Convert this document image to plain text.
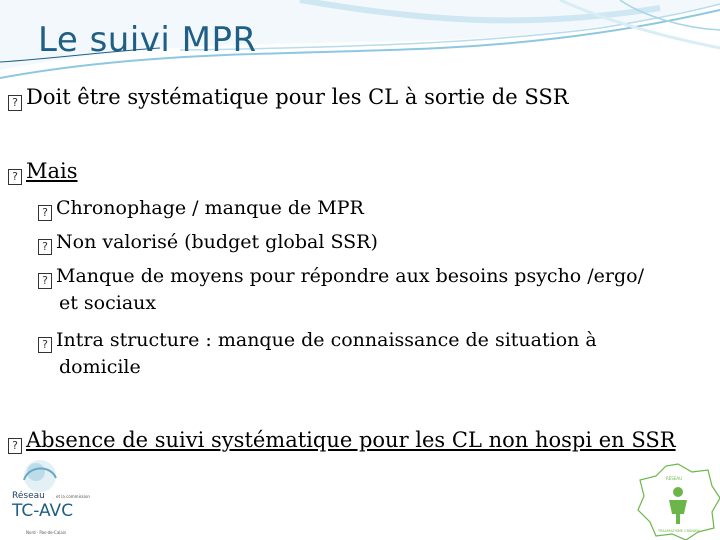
Le suivi MPR
? Doit être systématique pour les CL à sortie de SSR
? Mais
? Chronophage / manque de MPR
? Non valorisé (budget global SSR)
? Manque de moyens pour répondre aux besoins psycho /ergo/
et sociaux
? Intra structure : manque de connaissance de situation à
domicile
? Absence de suivi systématique pour les CL non hospi en SSR
Réseau
TC-AVC
et la commission
Nord · Pas-de-Calais
RÉSEAU
TRAUMATISME CRÂNIEN
